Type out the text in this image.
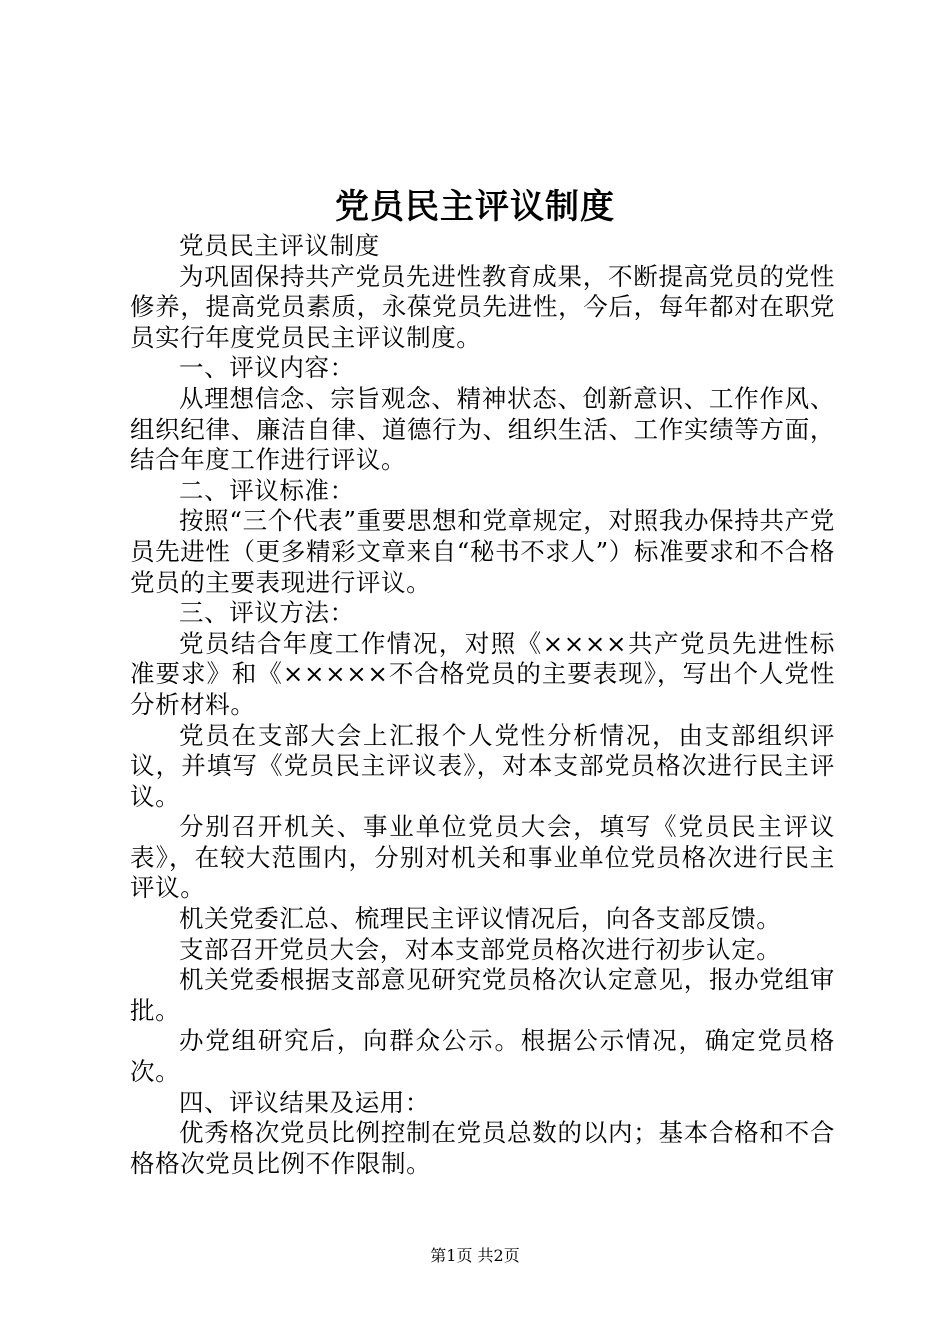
党员民主评议制度

党员民主评议制度

为巩固保持共产党员先进性教育成果，不断提高党员的党性修养，提高党员素质，永葆党员先进性，今后，每年都对在职党员实行年度党员民主评议制度。

一、评议内容：

从理想信念、宗旨观念、精神状态、创新意识、工作作风、组织纪律、廉洁自律、道德行为、组织生活、工作实绩等方面，结合年度工作进行评议。

二、评议标准：

按照“三个代表”重要思想和党章规定，对照我办保持共产党员先进性（更多精彩文章来自“秘书不求人”）标准要求和不合格党员的主要表现进行评议。

三、评议方法：

党员结合年度工作情况，对照《××××共产党员先进性标准要求》和《×××××不合格党员的主要表现》，写出个人党性分析材料。

党员在支部大会上汇报个人党性分析情况，由支部组织评议，并填写《党员民主评议表》，对本支部党员格次进行民主评议。

分别召开机关、事业单位党员大会，填写《党员民主评议表》，在较大范围内，分别对机关和事业单位党员格次进行民主评议。

机关党委汇总、梳理民主评议情况后，向各支部反馈。

支部召开党员大会，对本支部党员格次进行初步认定。

机关党委根据支部意见研究党员格次认定意见，报办党组审批。

办党组研究后，向群众公示。根据公示情况，确定党员格次。

四、评议结果及运用：

优秀格次党员比例控制在党员总数的以内；基本合格和不合格格次党员比例不作限制。

第1页 共2页
